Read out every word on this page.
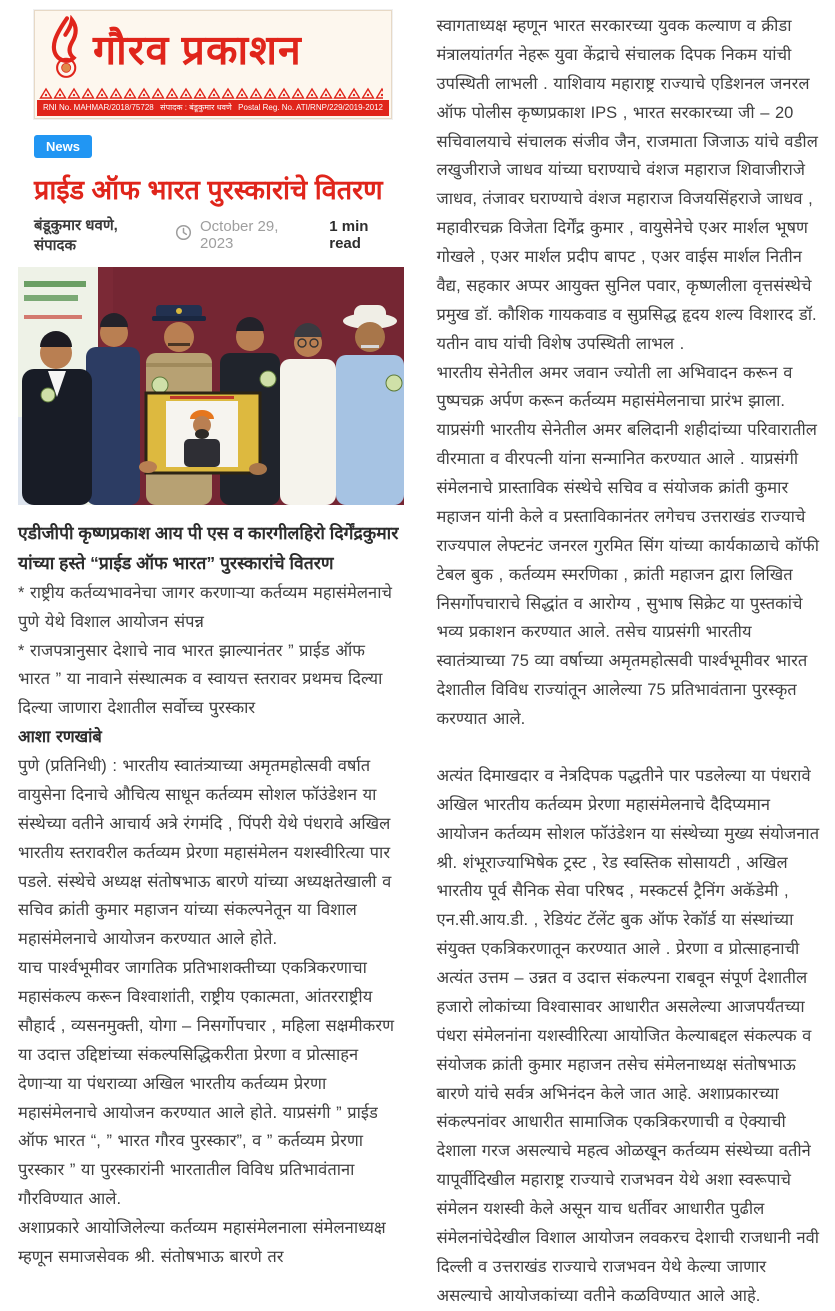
गौरव प्रकाशन
RNI No. MAHMAR/2018/75728 संपादक : बंडूकुमार धवणे Postal Reg. No. ATI/RNP/229/2019-2012
News
प्राईड ऑफ भारत पुरस्कारांचे वितरण
बंडूकुमार धवणे, संपादक
October 29, 2023
1 min read
एडीजीपी कृष्णप्रकाश आय पी एस व कारगीलहिरो दिर्गेंद्रकुमार यांच्या हस्ते “प्राईड ऑफ भारत” पुरस्कारांचे वितरण

* राष्ट्रीय कर्तव्यभावनेचा जागर करणाऱ्या कर्तव्यम महासंमेलनाचे पुणे येथे विशाल आयोजन संपन्न

* राजपत्रानुसार देशाचे नाव भारत झाल्यानंतर ” प्राईड ऑफ भारत ” या नावाने संस्थात्मक व स्वायत्त स्तरावर प्रथमच दिल्या दिल्या जाणारा देशातील सर्वोच्च पुरस्कार

आशा रणखांबे

पुणे (प्रतिनिधी) : भारतीय स्वातंत्र्याच्या अमृतमहोत्सवी वर्षात वायुसेना दिनाचे औचित्य साधून कर्तव्यम सोशल फॉउंडेशन या संस्थेच्या वतीने आचार्य अत्रे रंगमंदि , पिंपरी येथे पंधरावे अखिल भारतीय स्तरावरील कर्तव्यम प्रेरणा महासंमेलन यशस्वीरित्या पार पडले. संस्थेचे अध्यक्ष संतोषभाऊ बारणे यांच्या अध्यक्षतेखाली व सचिव क्रांती कुमार महाजन यांच्या संकल्पनेतून या विशाल महासंमेलनाचे आयोजन करण्यात आले होते.

याच पार्श्वभूमीवर जागतिक प्रतिभाशक्तीच्या एकत्रिकरणाचा महासंकल्प करून विश्वाशांती, राष्ट्रीय एकात्मता, आंतरराष्ट्रीय सौहार्द , व्यसनमुक्ती, योगा – निसर्गोपचार , महिला सक्षमीकरण या उदात्त उद्दिष्टांच्या संकल्पसिद्धिकरीता प्रेरणा व प्रोत्साहन देणाऱ्या या पंधराव्या अखिल भारतीय कर्तव्यम प्रेरणा महासंमेलनाचे आयोजन करण्यात आले होते. याप्रसंगी ” प्राईड ऑफ भारत “, ” भारत गौरव पुरस्कार”, व ” कर्तव्यम प्रेरणा पुरस्कार ” या पुरस्कारांनी भारतातील विविध प्रतिभावंताना गौरविण्यात आले.

अशाप्रकारे आयोजिलेल्या कर्तव्यम महासंमेलनाला संमेलनाध्यक्ष म्हणून समाजसेवक श्री. संतोषभाऊ बारणे तर

स्वागताध्यक्ष म्हणून भारत सरकारच्या युवक कल्याण व क्रीडा मंत्रालयांतर्गत नेहरू युवा केंद्राचे संचालक दिपक निकम यांची उपस्थिती लाभली . याशिवाय महाराष्ट्र राज्याचे एडिशनल जनरल ऑफ पोलीस कृष्णप्रकाश IPS , भारत सरकारच्या जी – 20 सचिवालयाचे संचालक संजीव जैन, राजमाता जिजाऊ यांचे वडील लखुजीराजे जाधव यांच्या घराण्याचे वंशज महाराज शिवाजीराजे जाधव, तंजावर घराण्याचे वंशज महाराज विजयसिंहराजे जाधव , महावीरचक्र विजेता दिर्गेंद्र कुमार , वायुसेनेचे एअर मार्शल भूषण गोखले , एअर मार्शल प्रदीप बापट , एअर वाईस मार्शल नितीन वैद्य, सहकार अप्पर आयुक्त सुनिल पवार, कृष्णलीला वृत्तसंस्थेचे प्रमुख डॉ. कौशिक गायकवाड व सुप्रसिद्ध हृदय शल्य विशारद डॉ. यतीन वाघ यांची विशेष उपस्थिती लाभल .

भारतीय सेनेतील अमर जवान ज्योती ला अभिवादन करून व पुष्पचक्र अर्पण करून कर्तव्यम महासंमेलनाचा प्रारंभ झाला. याप्रसंगी भारतीय सेनेतील अमर बलिदानी शहीदांच्या परिवारातील वीरमाता व वीरपत्नी यांना सन्मानित करण्यात आले . याप्रसंगी संमेलनाचे प्रास्ताविक संस्थेचे सचिव व संयोजक क्रांती कुमार महाजन यांनी केले व प्रस्ताविकानंतर लगेचच उत्तराखंड राज्याचे राज्यपाल लेफ्टनंट जनरल गुरमित सिंग यांच्या कार्यकाळाचे कॉफी टेबल बुक , कर्तव्यम स्मरणिका , क्रांती महाजन द्वारा लिखित निसर्गोपचाराचे सिद्धांत व आरोग्य , सुभाष सिक्रेट या पुस्तकांचे भव्य प्रकाशन करण्यात आले. तसेच याप्रसंगी भारतीय स्वातंत्र्याच्या 75 व्या वर्षाच्या अमृतमहोत्सवी पार्श्वभूमीवर भारत देशातील विविध राज्यांतून आलेल्या 75 प्रतिभावंताना पुरस्कृत करण्यात आले.

अत्यंत दिमाखदार व नेत्रदिपक पद्धतीने पार पडलेल्या या पंधरावे अखिल भारतीय कर्तव्यम प्रेरणा महासंमेलनाचे दैदिप्यमान आयोजन कर्तव्यम सोशल फॉउंडेशन या संस्थेच्या मुख्य संयोजनात श्री. शंभूराज्याभिषेक ट्रस्ट , रेड स्वस्तिक सोसायटी , अखिल भारतीय पूर्व सैनिक सेवा परिषद , मस्कटर्स ट्रैनिंग अकॅडेमी , एन.सी.आय.डी. , रेडियंट टॅलेंट बुक ऑफ रेकॉर्ड या संस्थांच्या संयुक्त एकत्रिकरणातून करण्यात आले . प्रेरणा व प्रोत्साहनाची अत्यंत उत्तम – उन्नत व उदात्त संकल्पना राबवून संपूर्ण देशातील हजारो लोकांच्या विश्वासावर आधारीत असलेल्या आजपर्यंतच्या पंधरा संमेलनांना यशस्वीरित्या आयोजित केल्याबद्दल संकल्पक व संयोजक क्रांती कुमार महाजन तसेच संमेलनाध्यक्ष संतोषभाऊ बारणे यांचे सर्वत्र अभिनंदन केले जात आहे. अशाप्रकारच्या संकल्पनांवर आधारीत सामाजिक एकत्रिकरणाची व ऐक्याची देशाला गरज असल्याचे महत्व ओळखून कर्तव्यम संस्थेच्या वतीने यापूर्वीदिखील महाराष्ट्र राज्याचे राजभवन येथे अशा स्वरूपाचे संमेलन यशस्वी केले असून याच धर्तीवर आधारीत पुढील संमेलनांचेदेखील विशाल आयोजन लवकरच देशाची राजधानी नवी दिल्ली व उत्तराखंड राज्याचे राजभवन येथे केल्या जाणार असल्याचे आयोजकांच्या वतीने कळविण्यात आले आहे.
